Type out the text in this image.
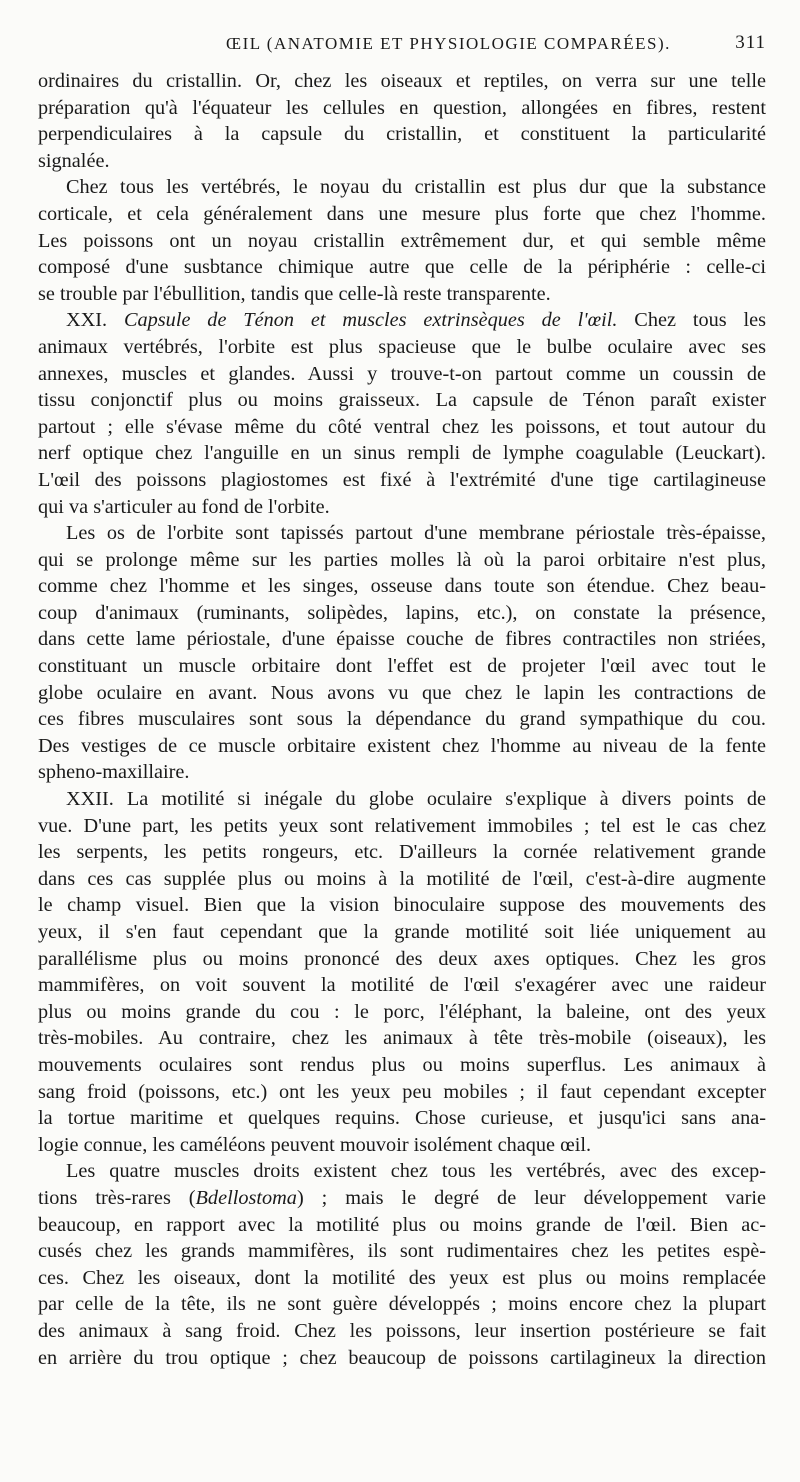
ŒIL (ANATOMIE ET PHYSIOLOGIE COMPARÉES).	311

ordinaires du cristallin. Or, chez les oiseaux et reptiles, on verra sur une telle
préparation qu'à l'équateur les cellules en question, allongées en fibres, restent
perpendiculaires à la capsule du cristallin, et constituent la particularité
signalée.

Chez tous les vertébrés, le noyau du cristallin est plus dur que la substance
corticale, et cela généralement dans une mesure plus forte que chez l'homme.
Les poissons ont un noyau cristallin extrêmement dur, et qui semble même
composé d'une susbtance chimique autre que celle de la périphérie : celle-ci
se trouble par l'ébullition, tandis que celle-là reste transparente.

XXI. Capsule de Ténon et muscles extrinsèques de l'œil. Chez tous les
animaux vertébrés, l'orbite est plus spacieuse que le bulbe oculaire avec ses
annexes, muscles et glandes. Aussi y trouve-t-on partout comme un coussin de
tissu conjonctif plus ou moins graisseux. La capsule de Ténon paraît exister
partout ; elle s'évase même du côté ventral chez les poissons, et tout autour du
nerf optique chez l'anguille en un sinus rempli de lymphe coagulable (Leuckart).
L'œil des poissons plagiostomes est fixé à l'extrémité d'une tige cartilagineuse
qui va s'articuler au fond de l'orbite.

Les os de l'orbite sont tapissés partout d'une membrane périostale très-épaisse,
qui se prolonge même sur les parties molles là où la paroi orbitaire n'est plus,
comme chez l'homme et les singes, osseuse dans toute son étendue. Chez beau-
coup d'animaux (ruminants, solipèdes, lapins, etc.), on constate la présence,
dans cette lame périostale, d'une épaisse couche de fibres contractiles non striées,
constituant un muscle orbitaire dont l'effet est de projeter l'œil avec tout le
globe oculaire en avant. Nous avons vu que chez le lapin les contractions de
ces fibres musculaires sont sous la dépendance du grand sympathique du cou.
Des vestiges de ce muscle orbitaire existent chez l'homme au niveau de la fente
spheno-maxillaire.

XXII. La motilité si inégale du globe oculaire s'explique à divers points de
vue. D'une part, les petits yeux sont relativement immobiles ; tel est le cas chez
les serpents, les petits rongeurs, etc. D'ailleurs la cornée relativement grande
dans ces cas supplée plus ou moins à la motilité de l'œil, c'est-à-dire augmente
le champ visuel. Bien que la vision binoculaire suppose des mouvements des
yeux, il s'en faut cependant que la grande motilité soit liée uniquement au
parallélisme plus ou moins prononcé des deux axes optiques. Chez les gros
mammifères, on voit souvent la motilité de l'œil s'exagérer avec une raideur
plus ou moins grande du cou : le porc, l'éléphant, la baleine, ont des yeux
très-mobiles. Au contraire, chez les animaux à tête très-mobile (oiseaux), les
mouvements oculaires sont rendus plus ou moins superflus. Les animaux à
sang froid (poissons, etc.) ont les yeux peu mobiles ; il faut cependant excepter
la tortue maritime et quelques requins. Chose curieuse, et jusqu'ici sans ana-
logie connue, les caméléons peuvent mouvoir isolément chaque œil.

Les quatre muscles droits existent chez tous les vertébrés, avec des excep-
tions très-rares (Bdellostoma) ; mais le degré de leur développement varie
beaucoup, en rapport avec la motilité plus ou moins grande de l'œil. Bien ac-
cusés chez les grands mammifères, ils sont rudimentaires chez les petites espè-
ces. Chez les oiseaux, dont la motilité des yeux est plus ou moins remplacée
par celle de la tête, ils ne sont guère développés ; moins encore chez la plupart
des animaux à sang froid. Chez les poissons, leur insertion postérieure se fait
en arrière du trou optique ; chez beaucoup de poissons cartilagineux la direction
